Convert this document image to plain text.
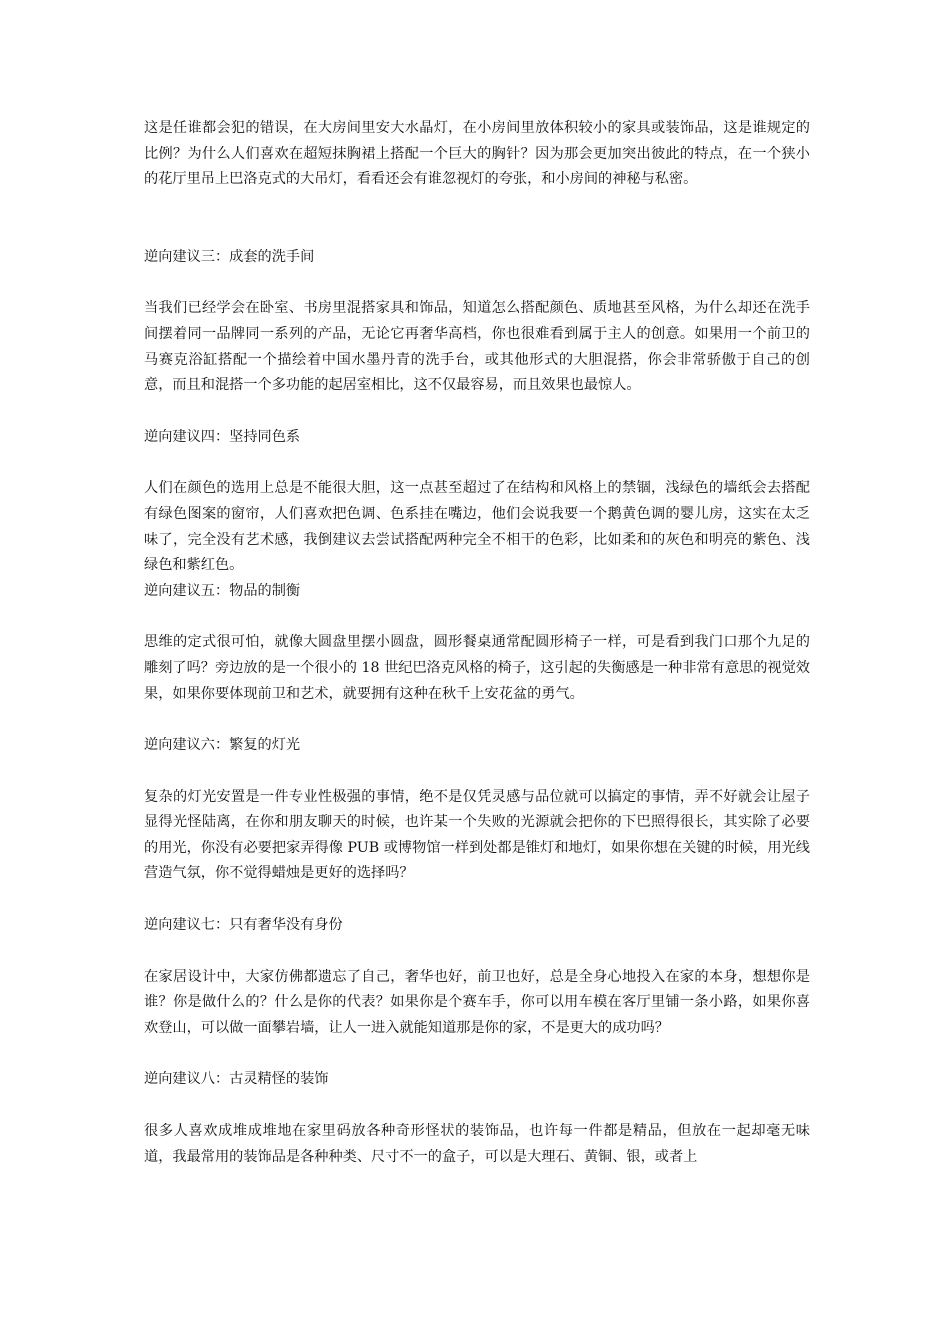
这是任谁都会犯的错误，在大房间里安大水晶灯，在小房间里放体积较小的家具或装饰品，这是谁规定的比例？为什么人们喜欢在超短抹胸裙上搭配一个巨大的胸针？因为那会更加突出彼此的特点，在一个狭小的花厅里吊上巴洛克式的大吊灯，看看还会有谁忽视灯的夸张，和小房间的神秘与私密。

逆向建议三：成套的洗手间

当我们已经学会在卧室、书房里混搭家具和饰品，知道怎么搭配颜色、质地甚至风格，为什么却还在洗手间摆着同一品牌同一系列的产品，无论它再奢华高档，你也很难看到属于主人的创意。如果用一个前卫的马赛克浴缸搭配一个描绘着中国水墨丹青的洗手台，或其他形式的大胆混搭，你会非常骄傲于自己的创意，而且和混搭一个多功能的起居室相比，这不仅最容易，而且效果也最惊人。

逆向建议四：坚持同色系

人们在颜色的选用上总是不能很大胆，这一点甚至超过了在结构和风格上的禁锢，浅绿色的墙纸会去搭配有绿色图案的窗帘，人们喜欢把色调、色系挂在嘴边，他们会说我要一个鹅黄色调的婴儿房，这实在太乏味了，完全没有艺术感，我倒建议去尝试搭配两种完全不相干的色彩，比如柔和的灰色和明亮的紫色、浅绿色和紫红色。

逆向建议五：物品的制衡

思维的定式很可怕，就像大圆盘里摆小圆盘，圆形餐桌通常配圆形椅子一样，可是看到我门口那个九足的雕刻了吗？旁边放的是一个很小的 18 世纪巴洛克风格的椅子，这引起的失衡感是一种非常有意思的视觉效果，如果你要体现前卫和艺术，就要拥有这种在秋千上安花盆的勇气。

逆向建议六：繁复的灯光

复杂的灯光安置是一件专业性极强的事情，绝不是仅凭灵感与品位就可以搞定的事情，弄不好就会让屋子显得光怪陆离，在你和朋友聊天的时候，也许某一个失败的光源就会把你的下巴照得很长，其实除了必要的用光，你没有必要把家弄得像 PUB 或博物馆一样到处都是锥灯和地灯，如果你想在关键的时候，用光线营造气氛，你不觉得蜡烛是更好的选择吗？

逆向建议七：只有奢华没有身份

在家居设计中，大家仿佛都遗忘了自己，奢华也好，前卫也好，总是全身心地投入在家的本身，想想你是谁？你是做什么的？什么是你的代表？如果你是个赛车手，你可以用车模在客厅里铺一条小路，如果你喜欢登山，可以做一面攀岩墙，让人一进入就能知道那是你的家，不是更大的成功吗？

逆向建议八：古灵精怪的装饰

很多人喜欢成堆成堆地在家里码放各种奇形怪状的装饰品，也许每一件都是精品，但放在一起却毫无味道，我最常用的装饰品是各种种类、尺寸不一的盒子，可以是大理石、黄铜、银，或者上
